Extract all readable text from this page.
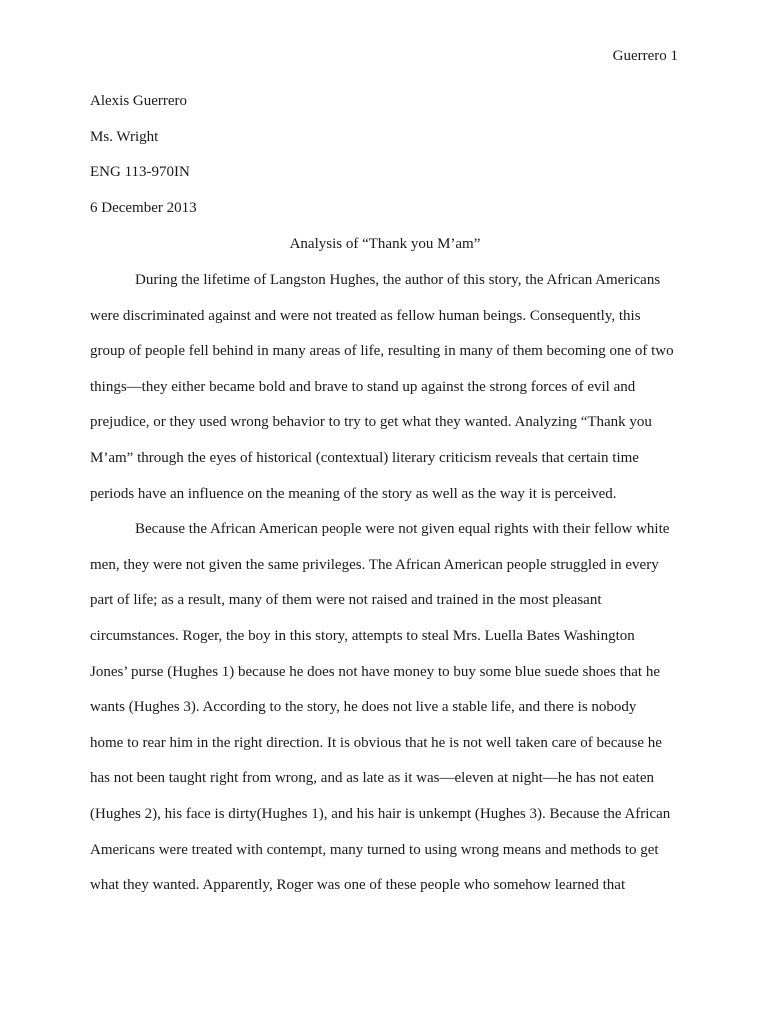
Guerrero 1
Alexis Guerrero
Ms. Wright
ENG 113-970IN
6 December 2013
Analysis of “Thank you M’am”
During the lifetime of Langston Hughes, the author of this story, the African Americans
were discriminated against and were not treated as fellow human beings. Consequently, this
group of people fell behind in many areas of life, resulting in many of them becoming one of two
things—they either became bold and brave to stand up against the strong forces of evil and
prejudice, or they used wrong behavior to try to get what they wanted. Analyzing “Thank you
M’am” through the eyes of historical (contextual) literary criticism reveals that certain time
periods have an influence on the meaning of the story as well as the way it is perceived.
Because the African American people were not given equal rights with their fellow white
men, they were not given the same privileges. The African American people struggled in every
part of life; as a result, many of them were not raised and trained in the most pleasant
circumstances. Roger, the boy in this story, attempts to steal Mrs. Luella Bates Washington
Jones’ purse (Hughes 1) because he does not have money to buy some blue suede shoes that he
wants (Hughes 3). According to the story, he does not live a stable life, and there is nobody
home to rear him in the right direction. It is obvious that he is not well taken care of because he
has not been taught right from wrong, and as late as it was—eleven at night—he has not eaten
(Hughes 2), his face is dirty(Hughes 1), and his hair is unkempt (Hughes 3). Because the African
Americans were treated with contempt, many turned to using wrong means and methods to get
what they wanted. Apparently, Roger was one of these people who somehow learned that
